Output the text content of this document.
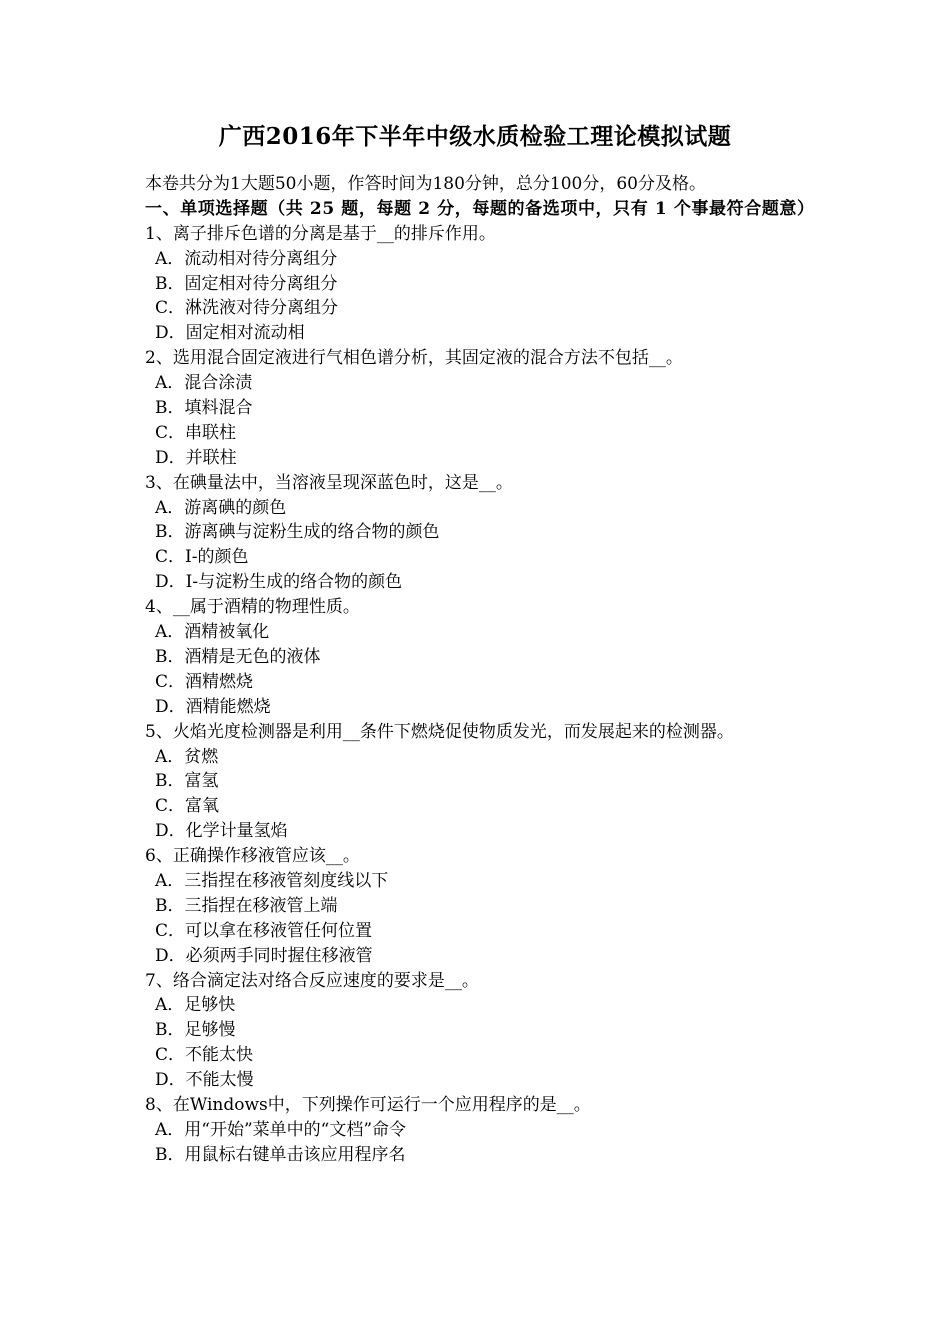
广西2016年下半年中级水质检验工理论模拟试题
本卷共分为1大题50小题，作答时间为180分钟，总分100分，60分及格。
一、单项选择题（共 25 题，每题 2 分，每题的备选项中，只有 1 个事最符合题意）
1、离子排斥色谱的分离是基于__的排斥作用。
A．流动相对待分离组分
B．固定相对待分离组分
C．淋洗液对待分离组分
D．固定相对流动相
2、选用混合固定液进行气相色谱分析，其固定液的混合方法不包括__。
A．混合涂渍
B．填料混合
C．串联柱
D．并联柱
3、在碘量法中，当溶液呈现深蓝色时，这是__。
A．游离碘的颜色
B．游离碘与淀粉生成的络合物的颜色
C．I-的颜色
D．I-与淀粉生成的络合物的颜色
4、__属于酒精的物理性质。
A．酒精被氧化
B．酒精是无色的液体
C．酒精燃烧
D．酒精能燃烧
5、火焰光度检测器是利用__条件下燃烧促使物质发光，而发展起来的检测器。
A．贫燃
B．富氢
C．富氧
D．化学计量氢焰
6、正确操作移液管应该__。
A．三指捏在移液管刻度线以下
B．三指捏在移液管上端
C．可以拿在移液管任何位置
D．必须两手同时握住移液管
7、络合滴定法对络合反应速度的要求是__。
A．足够快
B．足够慢
C．不能太快
D．不能太慢
8、在Windows中，下列操作可运行一个应用程序的是__。
A．用“开始”菜单中的“文档”命令
B．用鼠标右键单击该应用程序名
